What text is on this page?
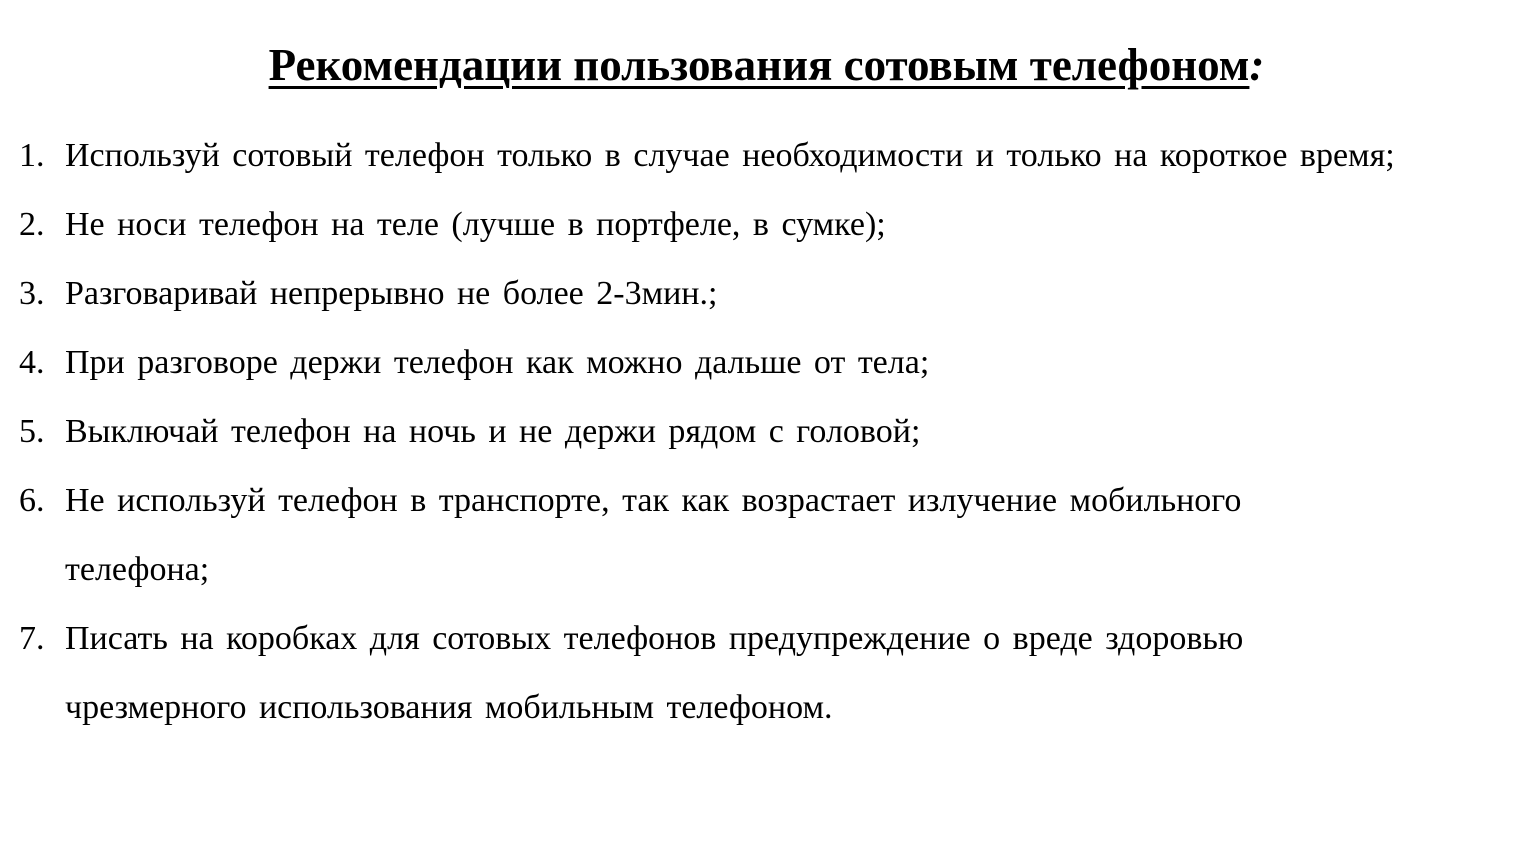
Рекомендации пользования сотовым телефоном:
1. Используй сотовый телефон только в случае необходимости и только на короткое время;
2. Не носи телефон на теле (лучше в портфеле, в сумке);
3. Разговаривай непрерывно не более 2-3мин.;
4. При разговоре держи телефон как можно дальше от тела;
5. Выключай телефон на ночь и не держи рядом с головой;
6. Не используй телефон в транспорте, так как возрастает излучение мобильного телефона;
7. Писать на коробках для сотовых телефонов предупреждение о вреде здоровью чрезмерного использования мобильным телефоном.
